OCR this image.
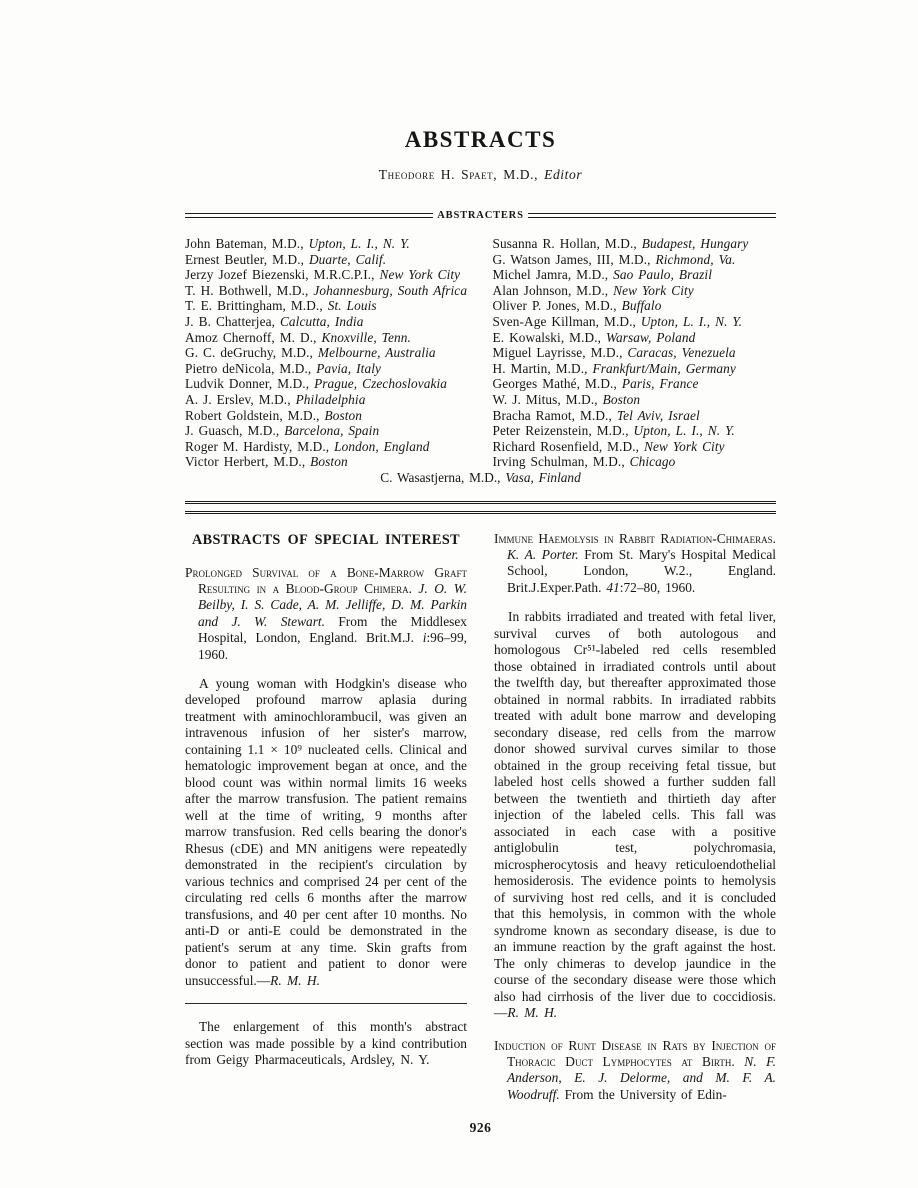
ABSTRACTS
Theodore H. Spaet, M.D., Editor
ABSTRACTERS
John Bateman, M.D., Upton, L. I., N. Y.
Ernest Beutler, M.D., Duarte, Calif.
Jerzy Jozef Biezenski, M.R.C.P.I., New York City
T. H. Bothwell, M.D., Johannesburg, South Africa
T. E. Brittingham, M.D., St. Louis
J. B. Chatterjea, Calcutta, India
Amoz Chernoff, M. D., Knoxville, Tenn.
G. C. deGruchy, M.D., Melbourne, Australia
Pietro deNicola, M.D., Pavia, Italy
Ludvik Donner, M.D., Prague, Czechoslovakia
A. J. Erslev, M.D., Philadelphia
Robert Goldstein, M.D., Boston
J. Guasch, M.D., Barcelona, Spain
Roger M. Hardisty, M.D., London, England
Victor Herbert, M.D., Boston
Susanna R. Hollan, M.D., Budapest, Hungary
G. Watson James, III, M.D., Richmond, Va.
Michel Jamra, M.D., Sao Paulo, Brazil
Alan Johnson, M.D., New York City
Oliver P. Jones, M.D., Buffalo
Sven-Age Killman, M.D., Upton, L. I., N. Y.
E. Kowalski, M.D., Warsaw, Poland
Miguel Layrisse, M.D., Caracas, Venezuela
H. Martin, M.D., Frankfurt/Main, Germany
Georges Mathé, M.D., Paris, France
W. J. Mitus, M.D., Boston
Bracha Ramot, M.D., Tel Aviv, Israel
Peter Reizenstein, M.D., Upton, L. I., N. Y.
Richard Rosenfield, M.D., New York City
Irving Schulman, M.D., Chicago
C. Wasastjerna, M.D., Vasa, Finland
ABSTRACTS OF SPECIAL INTEREST

Prolonged Survival of a Bone-Marrow Graft Resulting in a Blood-Group Chimera. J. O. W. Beilby, I. S. Cade, A. M. Jelliffe, D. M. Parkin and J. W. Stewart. From the Middlesex Hospital, London, England. Brit.M.J. i:96–99, 1960.

A young woman with Hodgkin's disease who developed profound marrow aplasia during treatment with aminochlorambucil, was given an intravenous infusion of her sister's marrow, containing 1.1 × 10⁹ nucleated cells. Clinical and hematologic improvement began at once, and the blood count was within normal limits 16 weeks after the marrow transfusion. The patient remains well at the time of writing, 9 months after marrow transfusion. Red cells bearing the donor's Rhesus (cDE) and MN anitigens were repeatedly demonstrated in the recipient's circulation by various technics and comprised 24 per cent of the circulating red cells 6 months after the marrow transfusions, and 40 per cent after 10 months. No anti-D or anti-E could be demonstrated in the patient's serum at any time. Skin grafts from donor to patient and patient to donor were unsuccessful.—R. M. H.

The enlargement of this month's abstract section was made possible by a kind contribution from Geigy Pharmaceuticals, Ardsley, N. Y.

Immune Haemolysis in Rabbit Radiation-Chimaeras. K. A. Porter. From St. Mary's Hospital Medical School, London, W.2., England. Brit.J.Exper.Path. 41:72–80, 1960.

In rabbits irradiated and treated with fetal liver, survival curves of both autologous and homologous Cr⁵¹-labeled red cells resembled those obtained in irradiated controls until about the twelfth day, but thereafter approximated those obtained in normal rabbits. In irradiated rabbits treated with adult bone marrow and developing secondary disease, red cells from the marrow donor showed survival curves similar to those obtained in the group receiving fetal tissue, but labeled host cells showed a further sudden fall between the twentieth and thirtieth day after injection of the labeled cells. This fall was associated in each case with a positive antiglobulin test, polychromasia, microspherocytosis and heavy reticuloendothelial hemosiderosis. The evidence points to hemolysis of surviving host red cells, and it is concluded that this hemolysis, in common with the whole syndrome known as secondary disease, is due to an immune reaction by the graft against the host. The only chimeras to develop jaundice in the course of the secondary disease were those which also had cirrhosis of the liver due to coccidiosis.—R. M. H.

Induction of Runt Disease in Rats by Injection of Thoracic Duct Lymphocytes at Birth. N. F. Anderson, E. J. Delorme, and M. F. A. Woodruff. From the University of Edin-

926
